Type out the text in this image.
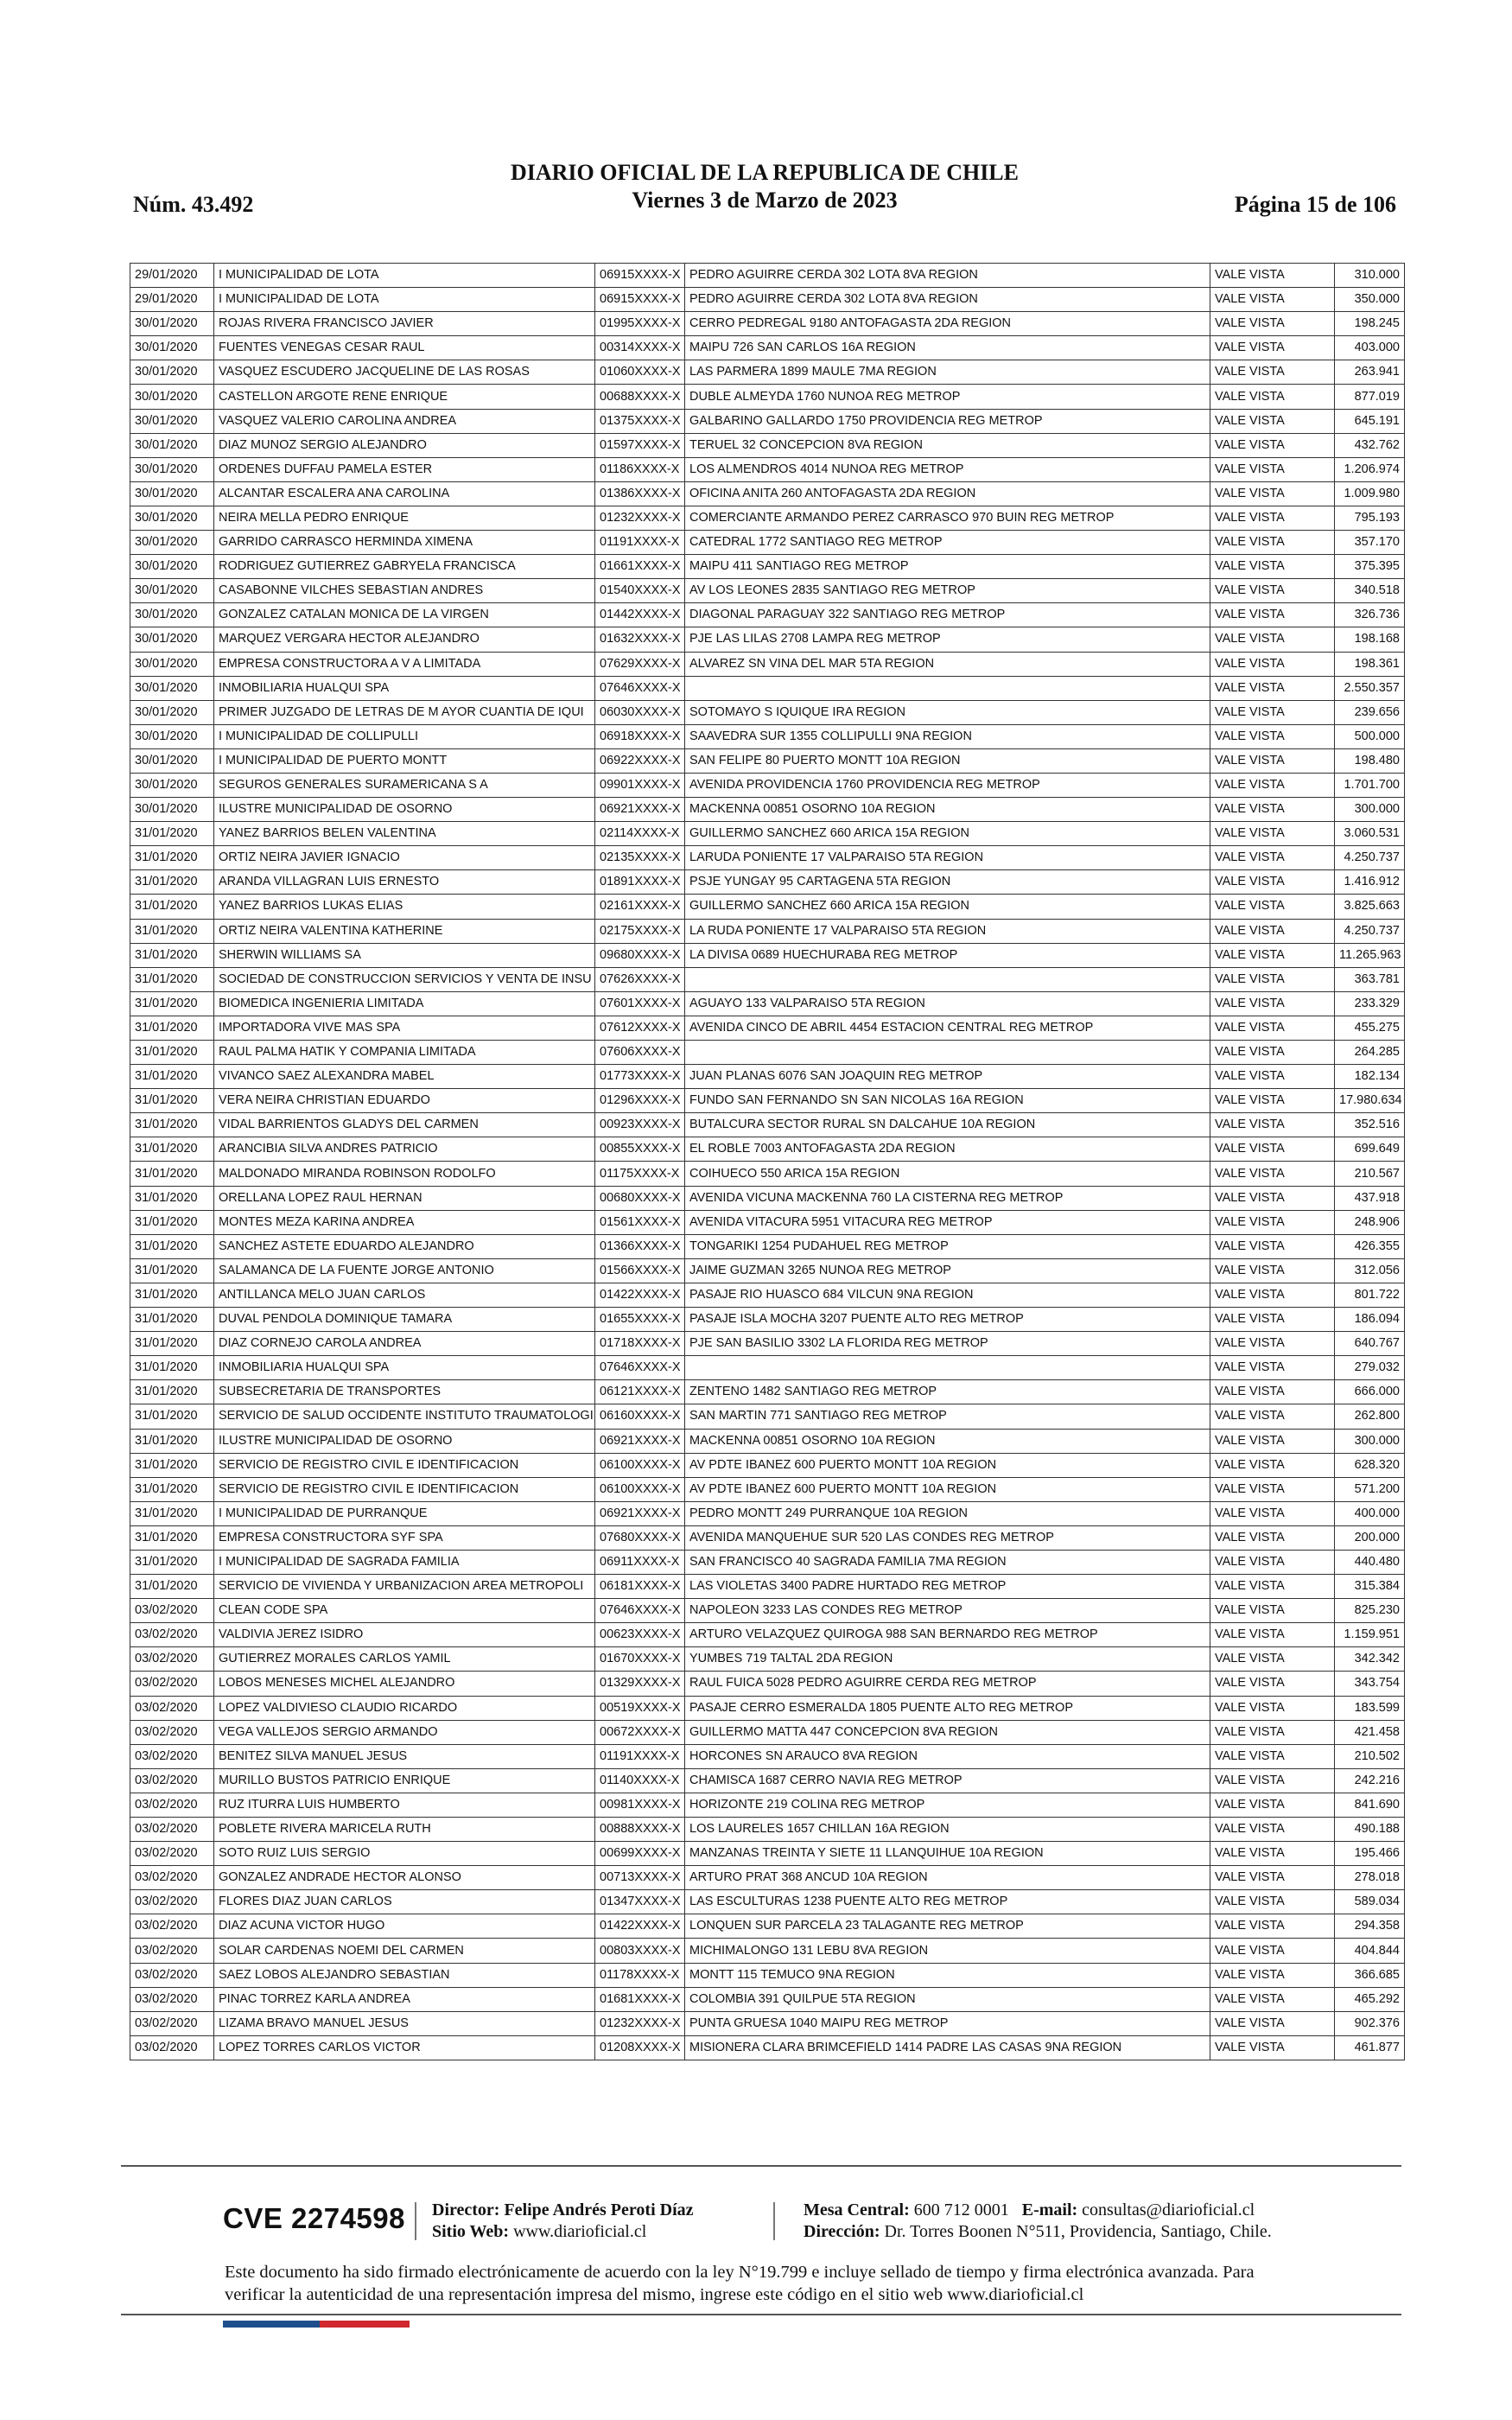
Núm. 43.492
DIARIO OFICIAL DE LA REPUBLICA DE CHILE
Viernes 3 de Marzo de 2023	Página 15 de 106
29/01/2020	I MUNICIPALIDAD DE LOTA	06915XXXX-X	PEDRO AGUIRRE CERDA 302 LOTA 8VA REGION	VALE VISTA	310.000
29/01/2020	I MUNICIPALIDAD DE LOTA	06915XXXX-X	PEDRO AGUIRRE CERDA 302 LOTA 8VA REGION	VALE VISTA	350.000
30/01/2020	ROJAS RIVERA FRANCISCO JAVIER	01995XXXX-X	CERRO PEDREGAL 9180 ANTOFAGASTA 2DA REGION	VALE VISTA	198.245
30/01/2020	FUENTES VENEGAS CESAR RAUL	00314XXXX-X	MAIPU 726 SAN CARLOS 16A REGION	VALE VISTA	403.000
30/01/2020	VASQUEZ ESCUDERO JACQUELINE DE LAS ROSAS	01060XXXX-X	LAS PARMERA 1899 MAULE 7MA REGION	VALE VISTA	263.941
30/01/2020	CASTELLON ARGOTE RENE ENRIQUE	00688XXXX-X	DUBLE ALMEYDA 1760 NUNOA REG METROP	VALE VISTA	877.019
30/01/2020	VASQUEZ VALERIO CAROLINA ANDREA	01375XXXX-X	GALBARINO GALLARDO 1750 PROVIDENCIA REG METROP	VALE VISTA	645.191
30/01/2020	DIAZ MUNOZ SERGIO ALEJANDRO	01597XXXX-X	TERUEL 32 CONCEPCION 8VA REGION	VALE VISTA	432.762
30/01/2020	ORDENES DUFFAU PAMELA ESTER	01186XXXX-X	LOS ALMENDROS 4014 NUNOA REG METROP	VALE VISTA	1.206.974
30/01/2020	ALCANTAR ESCALERA ANA CAROLINA	01386XXXX-X	OFICINA ANITA 260 ANTOFAGASTA 2DA REGION	VALE VISTA	1.009.980
30/01/2020	NEIRA MELLA PEDRO ENRIQUE	01232XXXX-X	COMERCIANTE ARMANDO PEREZ CARRASCO 970 BUIN REG METROP	VALE VISTA	795.193
30/01/2020	GARRIDO CARRASCO HERMINDA XIMENA	01191XXXX-X	CATEDRAL 1772 SANTIAGO REG METROP	VALE VISTA	357.170
30/01/2020	RODRIGUEZ GUTIERREZ GABRYELA FRANCISCA	01661XXXX-X	MAIPU 411 SANTIAGO REG METROP	VALE VISTA	375.395
30/01/2020	CASABONNE VILCHES SEBASTIAN ANDRES	01540XXXX-X	AV LOS LEONES 2835 SANTIAGO REG METROP	VALE VISTA	340.518
30/01/2020	GONZALEZ CATALAN MONICA DE LA VIRGEN	01442XXXX-X	DIAGONAL PARAGUAY 322 SANTIAGO REG METROP	VALE VISTA	326.736
30/01/2020	MARQUEZ VERGARA HECTOR ALEJANDRO	01632XXXX-X	PJE LAS LILAS 2708 LAMPA REG METROP	VALE VISTA	198.168
30/01/2020	EMPRESA CONSTRUCTORA A V A LIMITADA	07629XXXX-X	ALVAREZ SN VINA DEL MAR 5TA REGION	VALE VISTA	198.361
30/01/2020	INMOBILIARIA HUALQUI SPA	07646XXXX-X		VALE VISTA	2.550.357
30/01/2020	PRIMER JUZGADO DE LETRAS DE M AYOR CUANTIA DE IQUI	06030XXXX-X	SOTOMAYO S IQUIQUE IRA REGION	VALE VISTA	239.656
30/01/2020	I MUNICIPALIDAD DE COLLIPULLI	06918XXXX-X	SAAVEDRA SUR 1355 COLLIPULLI 9NA REGION	VALE VISTA	500.000
30/01/2020	I MUNICIPALIDAD DE PUERTO MONTT	06922XXXX-X	SAN FELIPE 80 PUERTO MONTT 10A REGION	VALE VISTA	198.480
30/01/2020	SEGUROS GENERALES SURAMERICANA S A	09901XXXX-X	AVENIDA PROVIDENCIA 1760 PROVIDENCIA REG METROP	VALE VISTA	1.701.700
30/01/2020	ILUSTRE MUNICIPALIDAD DE OSORNO	06921XXXX-X	MACKENNA 00851 OSORNO 10A REGION	VALE VISTA	300.000
31/01/2020	YANEZ BARRIOS BELEN VALENTINA	02114XXXX-X	GUILLERMO SANCHEZ 660 ARICA 15A REGION	VALE VISTA	3.060.531
31/01/2020	ORTIZ NEIRA JAVIER IGNACIO	02135XXXX-X	LARUDA PONIENTE 17 VALPARAISO 5TA REGION	VALE VISTA	4.250.737
31/01/2020	ARANDA VILLAGRAN LUIS ERNESTO	01891XXXX-X	PSJE YUNGAY 95 CARTAGENA 5TA REGION	VALE VISTA	1.416.912
31/01/2020	YANEZ BARRIOS LUKAS ELIAS	02161XXXX-X	GUILLERMO SANCHEZ 660 ARICA 15A REGION	VALE VISTA	3.825.663
31/01/2020	ORTIZ NEIRA VALENTINA KATHERINE	02175XXXX-X	LA RUDA PONIENTE 17 VALPARAISO 5TA REGION	VALE VISTA	4.250.737
31/01/2020	SHERWIN WILLIAMS SA	09680XXXX-X	LA DIVISA 0689 HUECHURABA REG METROP	VALE VISTA	11.265.963
31/01/2020	SOCIEDAD DE CONSTRUCCION SERVICIOS Y VENTA DE INSU	07626XXXX-X		VALE VISTA	363.781
31/01/2020	BIOMEDICA INGENIERIA LIMITADA	07601XXXX-X	AGUAYO 133 VALPARAISO 5TA REGION	VALE VISTA	233.329
31/01/2020	IMPORTADORA VIVE MAS SPA	07612XXXX-X	AVENIDA CINCO DE ABRIL 4454 ESTACION CENTRAL REG METROP	VALE VISTA	455.275
31/01/2020	RAUL PALMA HATIK Y COMPANIA LIMITADA	07606XXXX-X		VALE VISTA	264.285
31/01/2020	VIVANCO SAEZ ALEXANDRA MABEL	01773XXXX-X	JUAN PLANAS 6076 SAN JOAQUIN REG METROP	VALE VISTA	182.134
31/01/2020	VERA NEIRA CHRISTIAN EDUARDO	01296XXXX-X	FUNDO SAN FERNANDO SN SAN NICOLAS 16A REGION	VALE VISTA	17.980.634
31/01/2020	VIDAL BARRIENTOS GLADYS DEL CARMEN	00923XXXX-X	BUTALCURA SECTOR RURAL SN DALCAHUE 10A REGION	VALE VISTA	352.516
31/01/2020	ARANCIBIA SILVA ANDRES PATRICIO	00855XXXX-X	EL ROBLE 7003 ANTOFAGASTA 2DA REGION	VALE VISTA	699.649
31/01/2020	MALDONADO MIRANDA ROBINSON RODOLFO	01175XXXX-X	COIHUECO 550 ARICA 15A REGION	VALE VISTA	210.567
31/01/2020	ORELLANA LOPEZ RAUL HERNAN	00680XXXX-X	AVENIDA VICUNA MACKENNA 760 LA CISTERNA REG METROP	VALE VISTA	437.918
31/01/2020	MONTES MEZA KARINA ANDREA	01561XXXX-X	AVENIDA VITACURA 5951 VITACURA REG METROP	VALE VISTA	248.906
31/01/2020	SANCHEZ ASTETE EDUARDO ALEJANDRO	01366XXXX-X	TONGARIKI 1254 PUDAHUEL REG METROP	VALE VISTA	426.355
31/01/2020	SALAMANCA DE LA FUENTE JORGE ANTONIO	01566XXXX-X	JAIME GUZMAN 3265 NUNOA REG METROP	VALE VISTA	312.056
31/01/2020	ANTILLANCA MELO JUAN CARLOS	01422XXXX-X	PASAJE RIO HUASCO 684 VILCUN 9NA REGION	VALE VISTA	801.722
31/01/2020	DUVAL PENDOLA DOMINIQUE TAMARA	01655XXXX-X	PASAJE ISLA MOCHA 3207 PUENTE ALTO REG METROP	VALE VISTA	186.094
31/01/2020	DIAZ CORNEJO CAROLA ANDREA	01718XXXX-X	PJE SAN BASILIO 3302 LA FLORIDA REG METROP	VALE VISTA	640.767
31/01/2020	INMOBILIARIA HUALQUI SPA	07646XXXX-X		VALE VISTA	279.032
31/01/2020	SUBSECRETARIA DE TRANSPORTES	06121XXXX-X	ZENTENO 1482 SANTIAGO REG METROP	VALE VISTA	666.000
31/01/2020	SERVICIO DE SALUD OCCIDENTE INSTITUTO TRAUMATOLOGI	06160XXXX-X	SAN MARTIN 771 SANTIAGO REG METROP	VALE VISTA	262.800
31/01/2020	ILUSTRE MUNICIPALIDAD DE OSORNO	06921XXXX-X	MACKENNA 00851 OSORNO 10A REGION	VALE VISTA	300.000
31/01/2020	SERVICIO DE REGISTRO CIVIL E IDENTIFICACION	06100XXXX-X	AV PDTE IBANEZ 600 PUERTO MONTT 10A REGION	VALE VISTA	628.320
31/01/2020	SERVICIO DE REGISTRO CIVIL E IDENTIFICACION	06100XXXX-X	AV PDTE IBANEZ 600 PUERTO MONTT 10A REGION	VALE VISTA	571.200
31/01/2020	I MUNICIPALIDAD DE PURRANQUE	06921XXXX-X	PEDRO MONTT 249 PURRANQUE 10A REGION	VALE VISTA	400.000
31/01/2020	EMPRESA CONSTRUCTORA SYF SPA	07680XXXX-X	AVENIDA MANQUEHUE SUR 520 LAS CONDES REG METROP	VALE VISTA	200.000
31/01/2020	I MUNICIPALIDAD DE SAGRADA FAMILIA	06911XXXX-X	SAN FRANCISCO 40 SAGRADA FAMILIA 7MA REGION	VALE VISTA	440.480
31/01/2020	SERVICIO DE VIVIENDA Y URBANIZACION AREA METROPOLI	06181XXXX-X	LAS VIOLETAS 3400 PADRE HURTADO REG METROP	VALE VISTA	315.384
03/02/2020	CLEAN CODE SPA	07646XXXX-X	NAPOLEON 3233 LAS CONDES REG METROP	VALE VISTA	825.230
03/02/2020	VALDIVIA JEREZ ISIDRO	00623XXXX-X	ARTURO VELAZQUEZ QUIROGA 988 SAN BERNARDO REG METROP	VALE VISTA	1.159.951
03/02/2020	GUTIERREZ MORALES CARLOS YAMIL	01670XXXX-X	YUMBES 719 TALTAL 2DA REGION	VALE VISTA	342.342
03/02/2020	LOBOS MENESES MICHEL ALEJANDRO	01329XXXX-X	RAUL FUICA 5028 PEDRO AGUIRRE CERDA REG METROP	VALE VISTA	343.754
03/02/2020	LOPEZ VALDIVIESO CLAUDIO RICARDO	00519XXXX-X	PASAJE CERRO ESMERALDA 1805 PUENTE ALTO REG METROP	VALE VISTA	183.599
03/02/2020	VEGA VALLEJOS SERGIO ARMANDO	00672XXXX-X	GUILLERMO MATTA 447 CONCEPCION 8VA REGION	VALE VISTA	421.458
03/02/2020	BENITEZ SILVA MANUEL JESUS	01191XXXX-X	HORCONES SN ARAUCO 8VA REGION	VALE VISTA	210.502
03/02/2020	MURILLO BUSTOS PATRICIO ENRIQUE	01140XXXX-X	CHAMISCA 1687 CERRO NAVIA REG METROP	VALE VISTA	242.216
03/02/2020	RUZ ITURRA LUIS HUMBERTO	00981XXXX-X	HORIZONTE 219 COLINA REG METROP	VALE VISTA	841.690
03/02/2020	POBLETE RIVERA MARICELA RUTH	00888XXXX-X	LOS LAURELES 1657 CHILLAN 16A REGION	VALE VISTA	490.188
03/02/2020	SOTO RUIZ LUIS SERGIO	00699XXXX-X	MANZANAS TREINTA Y SIETE 11 LLANQUIHUE 10A REGION	VALE VISTA	195.466
03/02/2020	GONZALEZ ANDRADE HECTOR ALONSO	00713XXXX-X	ARTURO PRAT 368 ANCUD 10A REGION	VALE VISTA	278.018
03/02/2020	FLORES DIAZ JUAN CARLOS	01347XXXX-X	LAS ESCULTURAS 1238 PUENTE ALTO REG METROP	VALE VISTA	589.034
03/02/2020	DIAZ ACUNA VICTOR HUGO	01422XXXX-X	LONQUEN SUR PARCELA 23 TALAGANTE REG METROP	VALE VISTA	294.358
03/02/2020	SOLAR CARDENAS NOEMI DEL CARMEN	00803XXXX-X	MICHIMALONGO 131 LEBU 8VA REGION	VALE VISTA	404.844
03/02/2020	SAEZ LOBOS ALEJANDRO SEBASTIAN	01178XXXX-X	MONTT 115 TEMUCO 9NA REGION	VALE VISTA	366.685
03/02/2020	PINAC TORREZ KARLA ANDREA	01681XXXX-X	COLOMBIA 391 QUILPUE 5TA REGION	VALE VISTA	465.292
03/02/2020	LIZAMA BRAVO MANUEL JESUS	01232XXXX-X	PUNTA GRUESA 1040 MAIPU REG METROP	VALE VISTA	902.376
03/02/2020	LOPEZ TORRES CARLOS VICTOR	01208XXXX-X	MISIONERA CLARA BRIMCEFIELD 1414 PADRE LAS CASAS 9NA REGION	VALE VISTA	461.877
CVE 2274598 Director: Felipe Andrés Peroti Díaz
Sitio Web: www.diarioficial.cl
Mesa Central: 600 712 0001 E-mail: consultas@diarioficial.cl
Dirección: Dr. Torres Boonen N°511, Providencia, Santiago, Chile.
Este documento ha sido firmado electrónicamente de acuerdo con la ley N°19.799 e incluye sellado de tiempo y firma electrónica avanzada. Para verificar la autenticidad de una representación impresa del mismo, ingrese este código en el sitio web www.diarioficial.cl
